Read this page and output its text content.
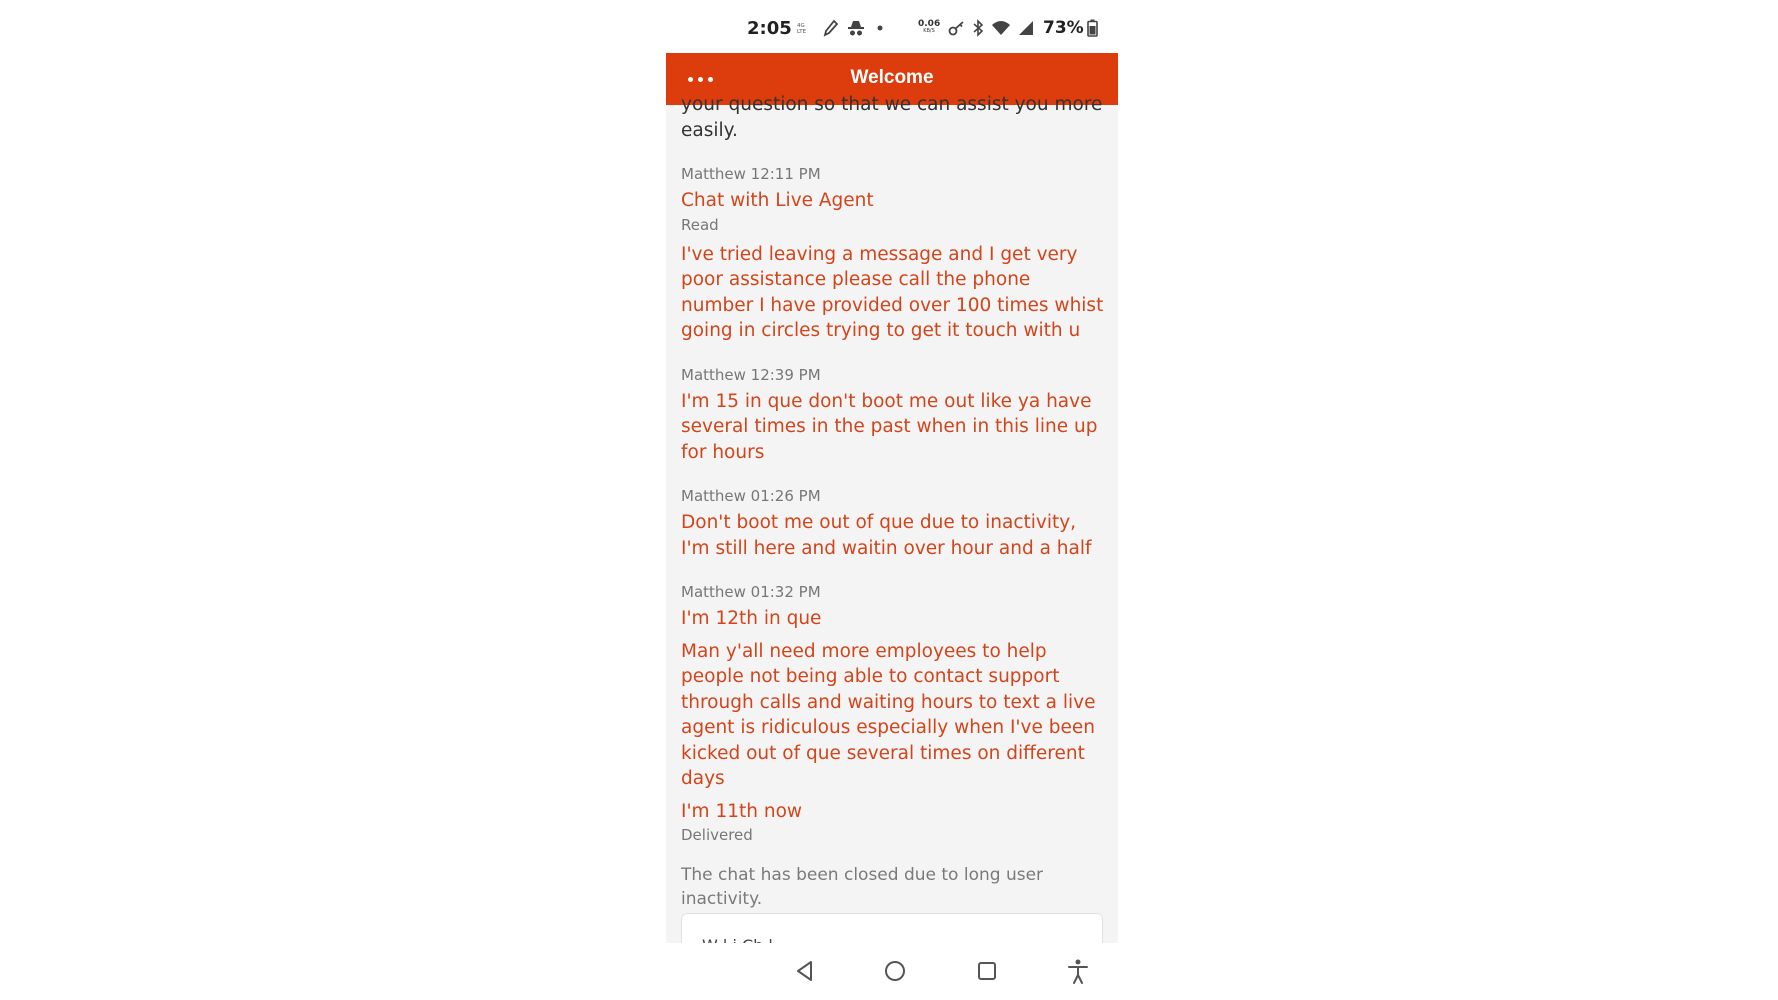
2:05 4G
LTE
0.06
KB/S	73%
Welcome

your question so that we can assist you more
easily.

Matthew 12:11 PM

Chat with Live Agent

Read

I've tried leaving a message and I get very poor assistance please call the phone number I have provided over 100 times whist going in circles trying to get it touch with u

Matthew 12:39 PM

I'm 15 in que don't boot me out like ya have several times in the past when in this line up for hours

Matthew 01:26 PM

Don't boot me out of que due to inactivity, I'm still here and waitin over hour and a half

Matthew 01:32 PM

I'm 12th in que

Man y'all need more employees to help people not being able to contact support through calls and waiting hours to text a live agent is ridiculous especially when I've been kicked out of que several times on different days

I'm 11th now

Delivered

The chat has been closed due to long user inactivity.
